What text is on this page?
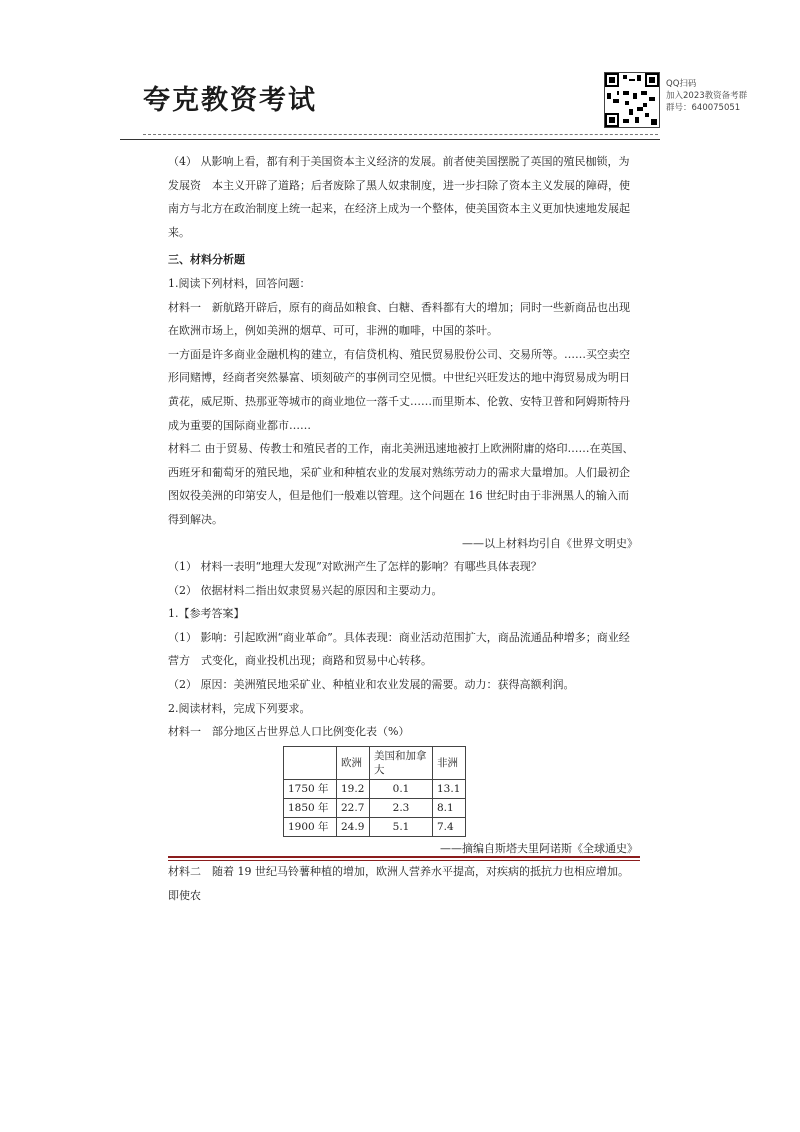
夸克教资考试
QQ扫码
加入2023教资备考群
群号：640075051

（4） 从影响上看，都有利于美国资本主义经济的发展。前者使美国摆脱了英国的殖民枷锁，为发展资　本主义开辟了道路；后者废除了黑人奴隶制度，进一步扫除了资本主义发展的障碍，使南方与北方在政治制度上统一起来，在经济上成为一个整体，使美国资本主义更加快速地发展起来。

三、材料分析题

1.阅读下列材料，回答问题：

材料一　新航路开辟后，原有的商品如粮食、白糖、香料都有大的增加；同时一些新商品也出现在欧洲市场上，例如美洲的烟草、可可，非洲的咖啡，中国的茶叶。

一方面是许多商业金融机构的建立，有信贷机构、殖民贸易股份公司、交易所等。……买空卖空形同赌博，经商者突然暴富、顷刻破产的事例司空见惯。中世纪兴旺发达的地中海贸易成为明日黄花，威尼斯、热那亚等城市的商业地位一落千丈……而里斯本、伦敦、安特卫普和阿姆斯特丹成为重要的国际商业都市……

材料二 由于贸易、传教士和殖民者的工作，南北美洲迅速地被打上欧洲附庸的烙印……在英国、西班牙和葡萄牙的殖民地，采矿业和种植农业的发展对熟练劳动力的需求大量增加。人们最初企图奴役美洲的印第安人，但是他们一般难以管理。这个问题在 16 世纪时由于非洲黑人的输入而得到解决。

——以上材料均引自《世界文明史》

（1） 材料一表明“地理大发现”对欧洲产生了怎样的影响？有哪些具体表现？

（2） 依据材料二指出奴隶贸易兴起的原因和主要动力。

1.【参考答案】

（1） 影响：引起欧洲“商业革命”。具体表现：商业活动范围扩大，商品流通品种增多；商业经营方　式变化，商业投机出现；商路和贸易中心转移。

（2） 原因：美洲殖民地采矿业、种植业和农业发展的需要。动力：获得高额利润。

2.阅读材料，完成下列要求。

材料一　部分地区占世界总人口比例变化表（%）

	欧洲	美国和加拿大	非洲
1750 年	19.2	0.1	13.1
1850 年	22.7	2.3	8.1
1900 年	24.9	5.1	7.4

——摘编自斯塔夫里阿诺斯《全球通史》

材料二　随着 19 世纪马铃薯种植的增加，欧洲人营养水平提高，对疾病的抵抗力也相应增加。即使农
